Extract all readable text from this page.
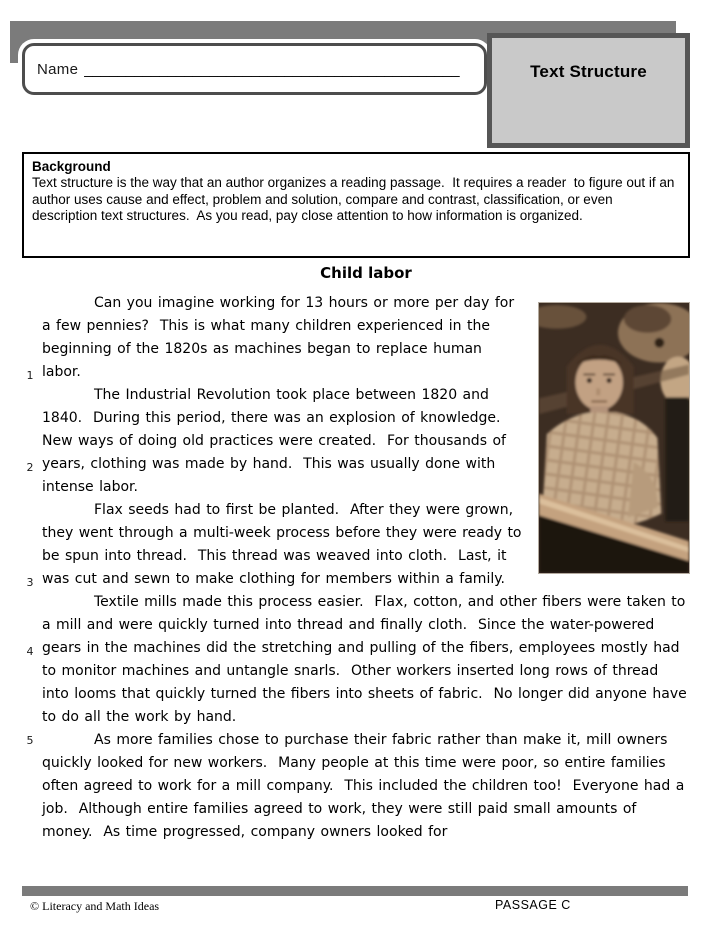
Name _____________________________________________	Text Structure
Background
Text structure is the way that an author organizes a reading passage.  It requires a reader  to figure out if an author uses cause and effect, problem and solution, compare and contrast, classification, or even description text structures.  As you read, pay close attention to how information is organized.
Child labor
1
Can you imagine working for 13 hours or more per day for a few pennies?  This is what many children experienced in the beginning of the 1820s as machines began to replace human labor.
2
The Industrial Revolution took place between 1820 and 1840.  During this period, there was an explosion of knowledge.  New ways of doing old practices were created.  For thousands of years, clothing was made by hand.  This was usually done with intense labor.
3
Flax seeds had to first be planted.  After they were grown, they went through a multi-week process before they were ready to be spun into thread.  This thread was weaved into cloth.  Last, it was cut and sewn to make clothing for members within a family.
4
Textile mills made this process easier.  Flax, cotton, and other fibers were taken to a mill and were quickly turned into thread and finally cloth.  Since the water-powered gears in the machines did the stretching and pulling of the fibers, employees mostly had to monitor machines and untangle snarls.  Other workers inserted long rows of thread into looms that quickly turned the fibers into sheets of fabric.  No longer did anyone have to do all the work by hand.
5	As more families chose to purchase their fabric rather than make it, mill owners quickly looked for new workers.  Many people at this time were poor, so entire families often agreed to work for a mill company.  This included the children too!  Everyone had a job.  Although entire families agreed to work, they were still paid small amounts of money.  As time progressed, company owners looked for
© Literacy and Math Ideas	PASSAGE C
